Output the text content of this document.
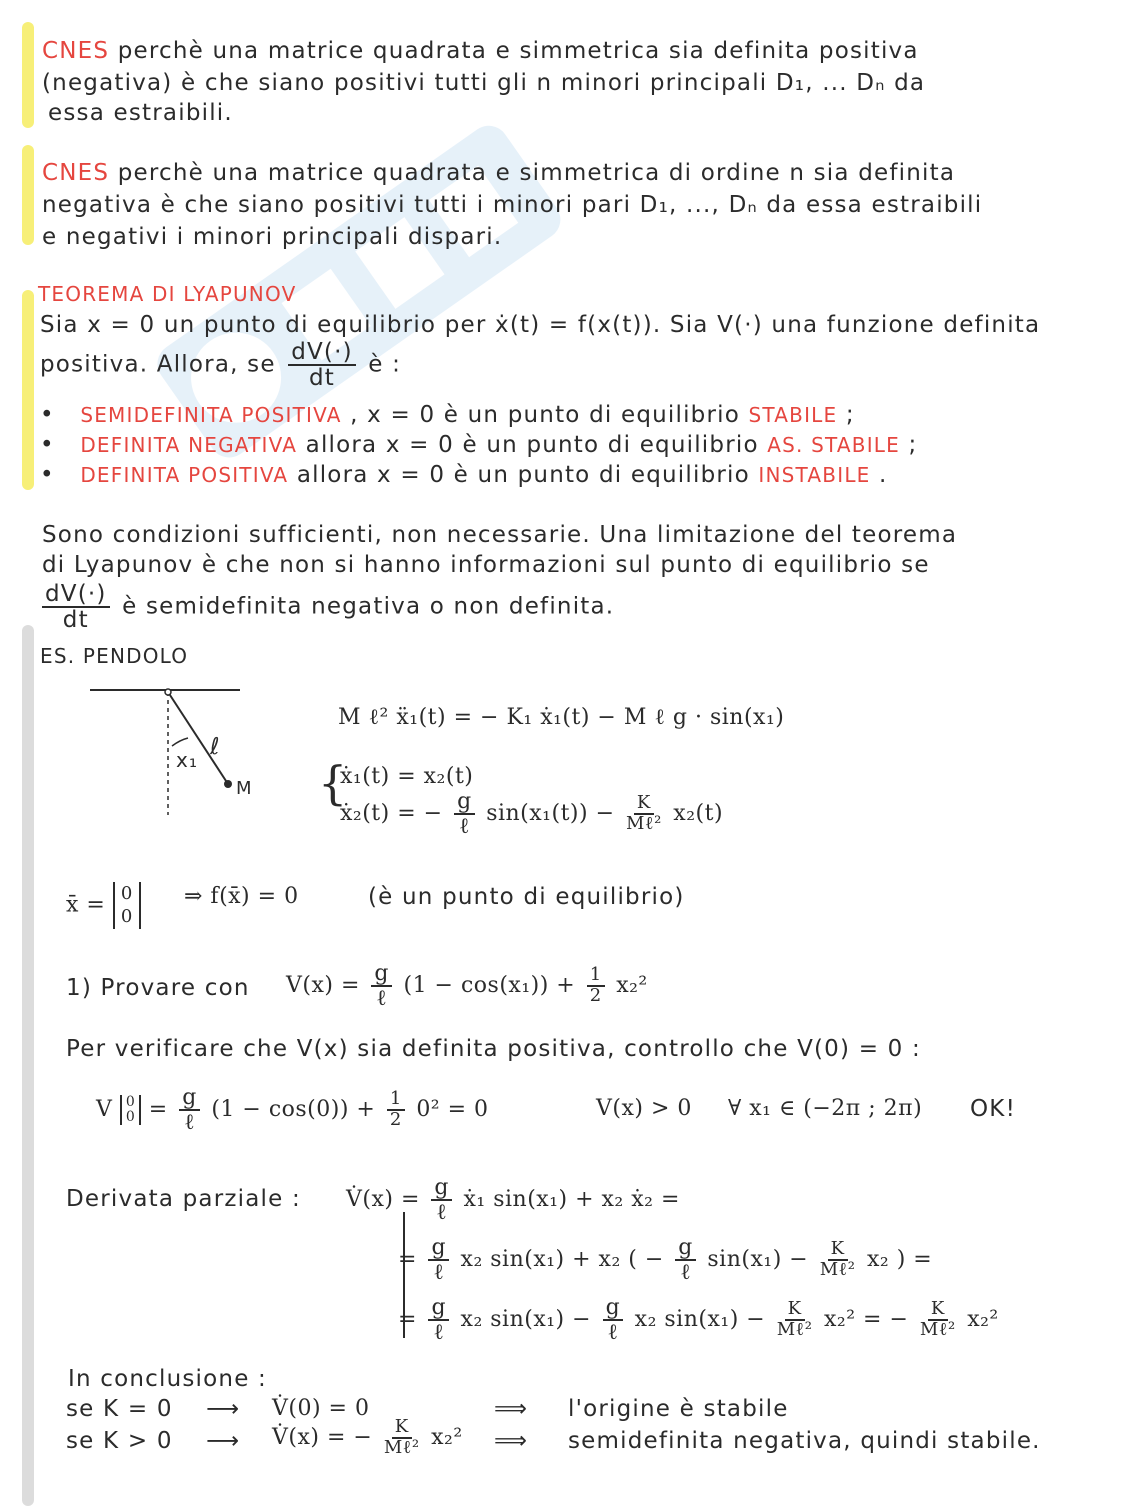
CNES perchè una matrice quadrata e simmetrica sia definita positiva
(negativa) è che siano positivi tutti gli n minori principali D₁, ... Dₙ da
essa estraibili.
CNES perchè una matrice quadrata e simmetrica di ordine n sia definita
negativa è che siano positivi tutti i minori pari D₁, ..., Dₙ da essa estraibili
e negativi i minori principali dispari.
TEOREMA DI LYAPUNOV
Sia x = 0 un punto di equilibrio per ẋ(t) = f(x(t)). Sia V(·) una funzione definita
positiva. Allora, se $\frac{dV(\cdot)}{dt}$ è :
•   SEMIDEFINITA POSITIVA , x = 0 è un punto di equilibrio STABILE ;
•   DEFINITA NEGATIVA allora x = 0 è un punto di equilibrio AS. STABILE ;
•   DEFINITA POSITIVA allora x = 0 è un punto di equilibrio INSTABILE .
Sono condizioni sufficienti, non necessarie. Una limitazione del teorema
di Lyapunov è che non si hanno informazioni sul punto di equilibrio se
$\frac{dV(\cdot)}{dt}$ è semidefinita negativa o non definita.
ES. PENDOLO
ℓ
x₁
M
M ℓ² ẍ₁(t) = − K₁ ẋ₁(t) − M ℓ g · sin(x₁)
{
ẋ₁(t) = x₂(t)
ẋ₂(t) = − $\frac{g}{\text{ℓ}} \sin(x_1(t)) - \frac{K}{\text{Mℓ²}} x_2(t)$
x̄ = 0
0
⇒ f(x̄) = 0	(è un punto di equilibrio)
1) Provare con $V(x) = \frac{g}{\text{ℓ}} (1 - \cos(x_1)) + \frac{1}{2} x_2^2$
Per verificare che V(x) sia definita positiva, controllo che V(0) = 0 :
V 0
$0 = \frac{g}{\text{ℓ}} (1 - \cos(0)) + \frac{1}{2} 0^2 = 0$	V(x) > 0 ∀ x₁ ∈ (−2π ; 2π) OK!
Derivata parziale : V̇(x) = $\frac{g}{\text{ℓ}}$ ẋ₁ sin(x₁) + x₂ ẋ₂ =
= $\frac{g}{\text{ℓ}} x_2$ sin(x₁) + x₂ ( − $\frac{g}{\text{ℓ}} \sin(x_1) - \frac{K}{\text{Mℓ²}} x_2$ ) =
= $\frac{g}{\text{ℓ}} x_2$ $\sin(x_1) - \frac{g}{\text{ℓ}} x_2$ $\sin(x_1) - \frac{K}{\text{Mℓ²}} x_2^2$ = − $\frac{K}{\text{Mℓ²}} x_2^2$
In conclusione :
se K = 0 ⟶ V̇(0) = 0	⟹ l'origine è stabile
se K > 0 ⟶ V̇(x) = − $\frac{K}{\text{Mℓ²}} x_2^2$ ⟹ semidefinita negativa, quindi stabile.
